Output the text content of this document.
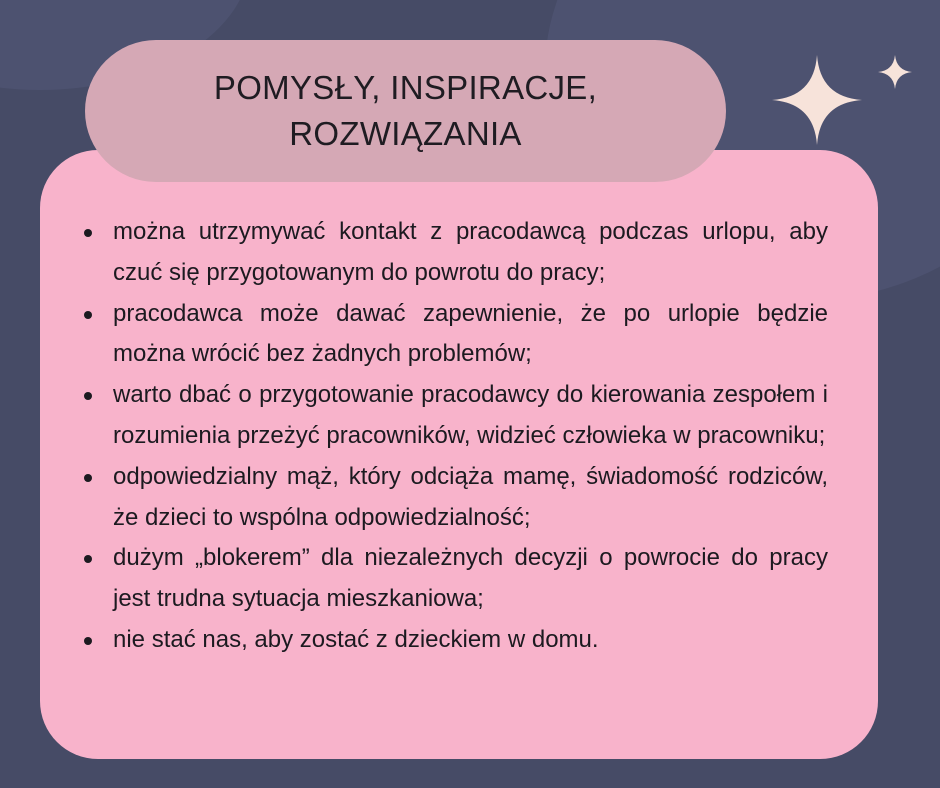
można utrzymywać kontakt z pracodawcą podczas urlopu, aby czuć się przygotowanym do powrotu do pracy;
pracodawca może dawać zapewnienie, że po urlopie będzie można wrócić bez żadnych problemów;
warto dbać o przygotowanie pracodawcy do kierowania zespołem i rozumienia przeżyć pracowników, widzieć człowieka w pracowniku;
odpowiedzialny mąż, który odciąża mamę, świadomość rodziców, że dzieci to wspólna odpowiedzialność;
dużym „blokerem” dla niezależnych decyzji o powrocie do pracy jest trudna sytuacja mieszkaniowa;
nie stać nas, aby zostać z dzieckiem w domu.
POMYSŁY, INSPIRACJE,
ROZWIĄZANIA
